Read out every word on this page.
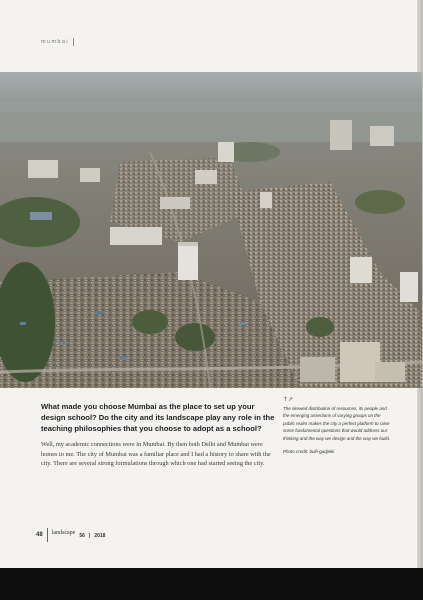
mumbai

What made you choose Mumbai as the place to set up your design school? Do the city and its landscape play any role in the teaching philosophies that you choose to adopt as a school?

Well, my academic connections were in Mumbai. By then both Delhi and Mumbai were homes to me. The city of Mumbai was a familiar place and I had a history to share with the city. There are several strong formulations through which one had started seeing the city.

↑↗

The skewed distribution of resources, its people and the emerging assertions of varying groups on the public realm makes the city a perfect platform to raise some fundamental questions that would address our thinking and the way we design and the way we build.

Photo credit: bull+gadjeiki
48 landscape 56 | 2018
